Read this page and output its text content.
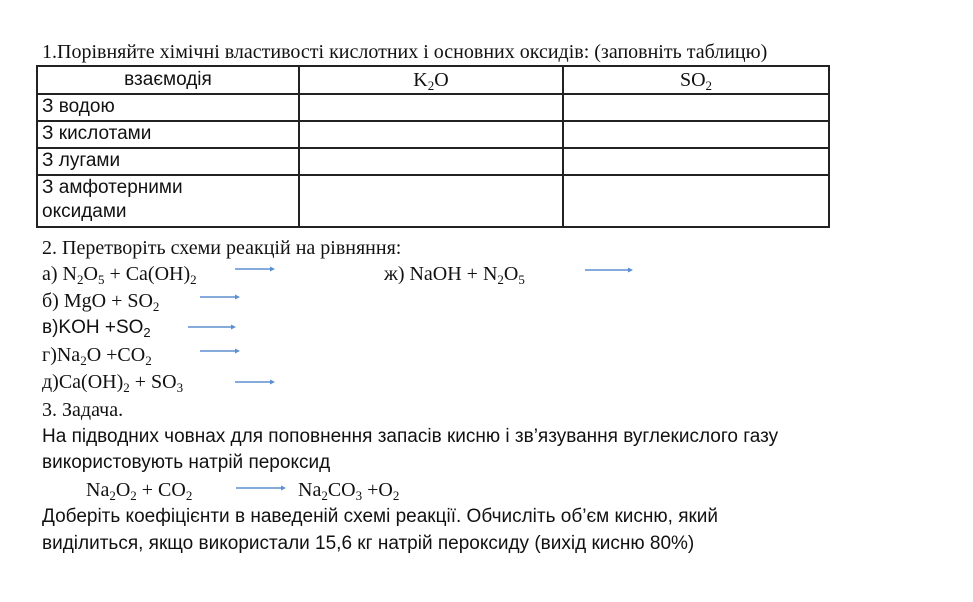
1.Порівняйте хімічні властивості кислотних і основних оксидів: (заповніть таблицю)
взаємодія	$K_2O$	$SO_2$
З водою		
З кислотами		
З лугами		
З амфотерними
оксидами		
2. Перетворіть схеми реакцій на рівняння:
а) $N_2O_5 + Ca(OH)_2$	ж) NaOH + $N_2O_5$
б) MgO + $SO_2$
$в)KOH +SO_2$
$г)Na_2O +CO_2$
$д)Ca(OH)_2 + SO_3$
3. Задача.
На підводних човнах для поповнення запасів кисню і зв’язування вуглекислого газу
використовують натрій пероксид
$Na_2O_2 + CO_2$	→ $Na_2CO_3 +O_2$
Доберіть коефіцієнти в наведеній схемі реакції. Обчисліть об’єм кисню, який
виділиться, якщо використали 15,6 кг натрій пероксиду (вихід кисню 80%)
